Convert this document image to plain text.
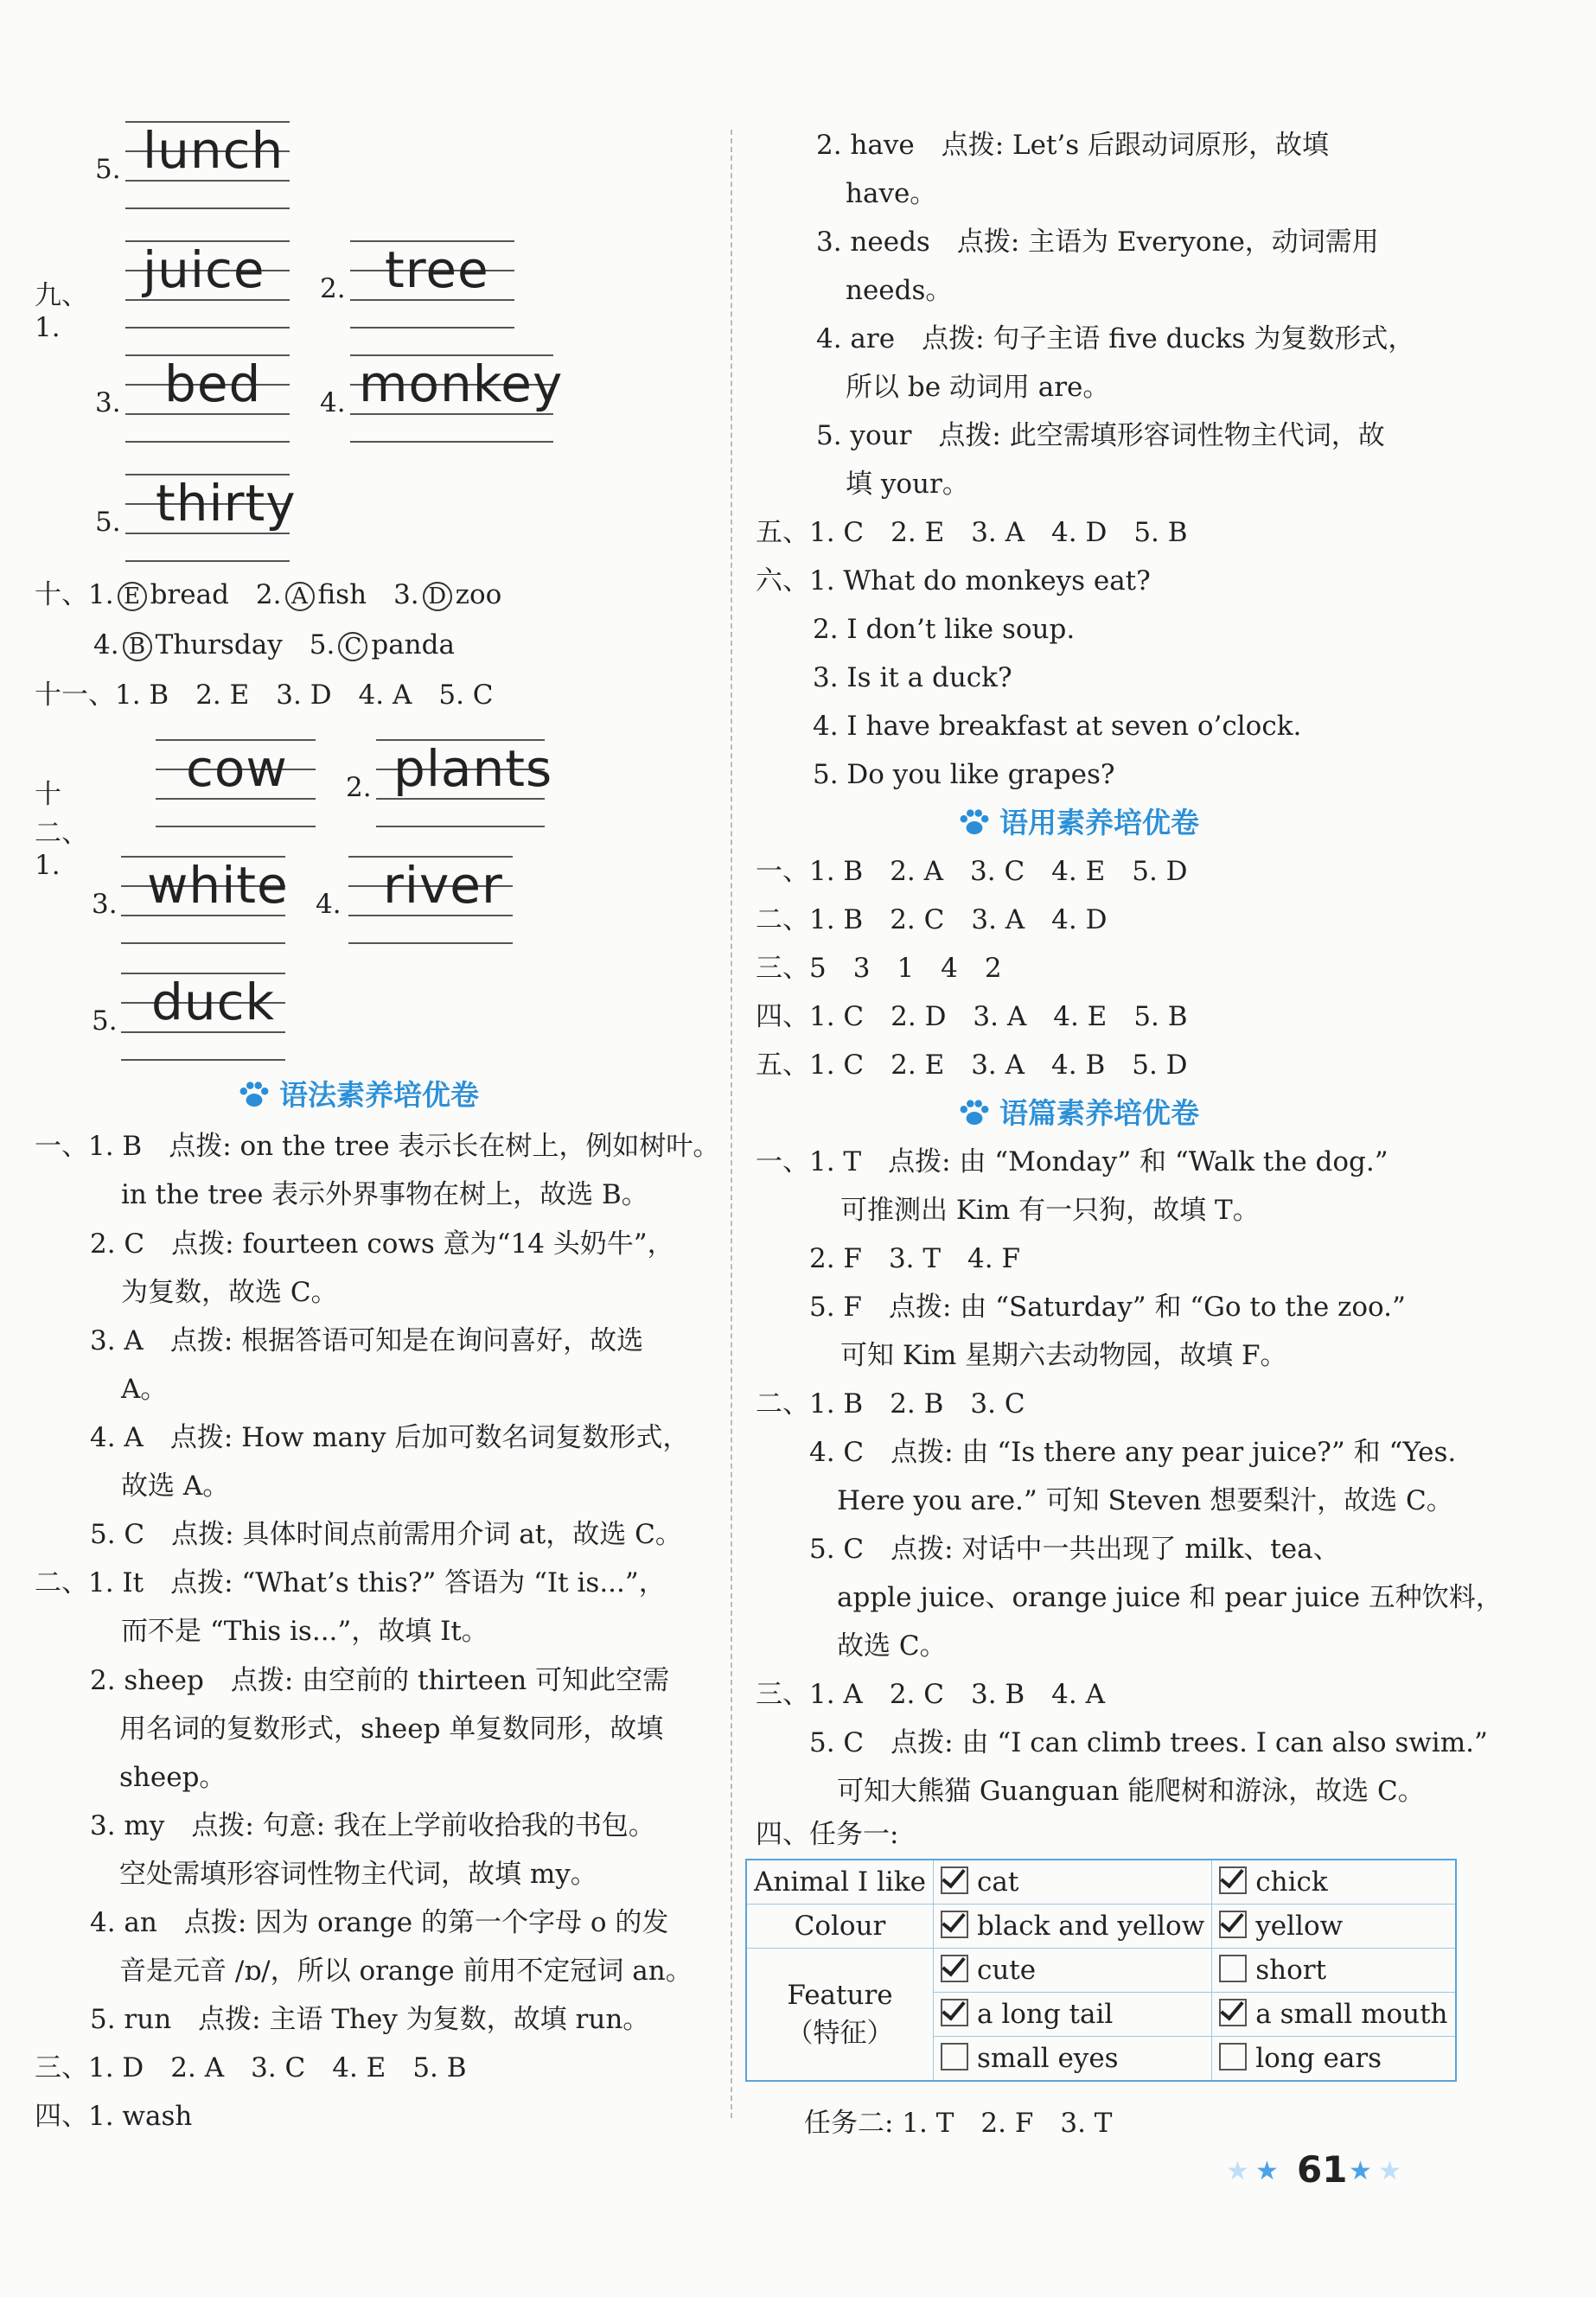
5. lunch
九、1.
juice 2. tree
3. bed 4. monkey
5. thirty
十、1. E bread　 2. A fish　 3. D zoo
4. B Thursday　 5. C panda
十一、1. B　2. E　3. D　4. A　5. C
十二、1.
cow 2. plants
3. white 4. river
5. duck
语法素养培优卷
一、1. B　点拨: on the tree 表示长在树上，例如树叶。
in the tree 表示外界事物在树上，故选 B。
2. C　点拨: fourteen cows 意为“14 头奶牛”，
为复数，故选 C。
3. A　点拨: 根据答语可知是在询问喜好，故选
A。
4. A　点拨: How many 后加可数名词复数形式，
故选 A。
5. C　点拨: 具体时间点前需用介词 at，故选 C。
二、1. It　点拨: “What’s this?” 答语为 “It is...”，
而不是 “This is...”，故填 It。
2. sheep　点拨: 由空前的 thirteen 可知此空需
用名词的复数形式，sheep 单复数同形，故填
sheep。
3. my　点拨: 句意: 我在上学前收拾我的书包。
空处需填形容词性物主代词，故填 my。
4. an　点拨: 因为 orange 的第一个字母 o 的发
音是元音 /ɒ/，所以 orange 前用不定冠词 an。
5. run　点拨: 主语 They 为复数，故填 run。
三、1. D　2. A　3. C　4. E　5. B
四、1. wash
2. have　点拨: Let’s 后跟动词原形，故填
have。
3. needs　点拨: 主语为 Everyone，动词需用
needs。
4. are　点拨: 句子主语 five ducks 为复数形式，
所以 be 动词用 are。
5. your　点拨: 此空需填形容词性物主代词，故
填 your。
五、1. C　2. E　3. A　4. D　5. B
六、1. What do monkeys eat?
2. I don’t like soup.
3. Is it a duck?
4. I have breakfast at seven o’clock.
5. Do you like grapes?
语用素养培优卷
一、1. B　2. A　3. C　4. E　5. D
二、1. B　2. C　3. A　4. D
三、5　3　1　4　2
四、1. C　2. D　3. A　4. E　5. B
五、1. C　2. E　3. A　4. B　5. D
语篇素养培优卷
一、1. T　点拨: 由 “Monday” 和 “Walk the dog.”
可推测出 Kim 有一只狗，故填 T。
2. F　3. T　4. F
5. F　点拨: 由 “Saturday” 和 “Go to the zoo.”
可知 Kim 星期六去动物园，故填 F。
二、1. B　2. B　3. C
4. C　点拨: 由 “Is there any pear juice?” 和 “Yes.
Here you are.” 可知 Steven 想要梨汁，故选 C。
5. C　点拨: 对话中一共出现了 milk、tea、
apple juice、orange juice 和 pear juice 五种饮料，
故选 C。
三、1. A　2. C　3. B　4. A
5. C　点拨: 由 “I can climb trees. I can also swim.”
可知大熊猫 Guanguan 能爬树和游泳，故选 C。
四、任务一:
Animal I like	cat	chick
Colour	black and yellow	yellow
Feature
（特征）	cute	short
	a long tail	a small mouth
	small eyes	long ears
任务二: 1. T　2. F　3. T
★ ★ 61 ★ ★
